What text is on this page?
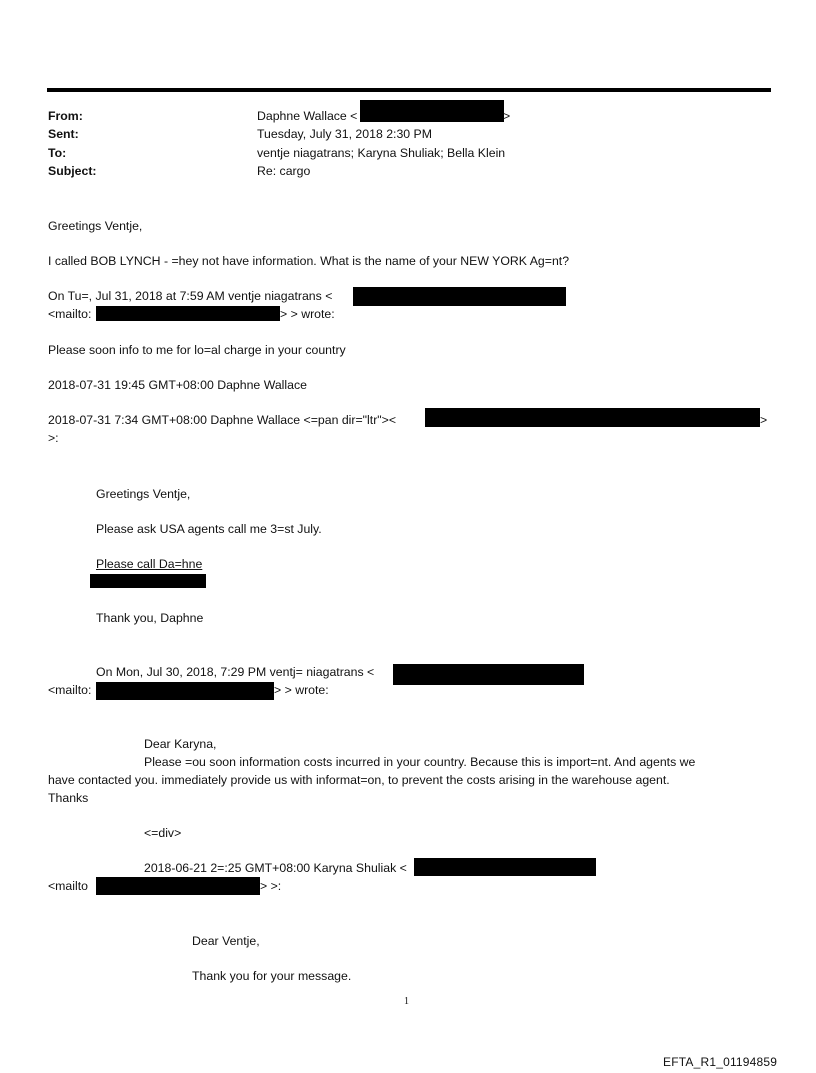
From:	Daphne Wallace <	>
Sent:	Tuesday, July 31, 2018 2:30 PM
To:	ventje niagatrans; Karyna Shuliak; Bella Klein
Subject:	Re: cargo
Greetings Ventje,
I called BOB LYNCH - =hey not have information. What is the name of your NEW YORK Ag=nt?
On Tu=, Jul 31, 2018 at 7:59 AM ventje niagatrans <
<mailto:	> > wrote:
Please soon info to me for lo=al charge in your country
2018-07-31 19:45 GMT+08:00 Daphne Wallace
2018-07-31 7:34 GMT+08:00 Daphne Wallace <=pan dir="ltr"><	>
>:
Greetings Ventje,
Please ask USA agents call me 3=st July.
Please call Da=hne
Thank you, Daphne
On Mon, Jul 30, 2018, 7:29 PM ventj= niagatrans <
<mailto:	> > wrote:
Dear Karyna,
Please =ou soon information costs incurred in your country. Because this is import=nt. And agents we
have contacted you. immediately provide us with informat=on, to prevent the costs arising in the warehouse agent.
Thanks
<=div>
2018-06-21 2=:25 GMT+08:00 Karyna Shuliak <
<mailto	> >:
Dear Ventje,
Thank you for your message.
1
EFTA_R1_01194859
